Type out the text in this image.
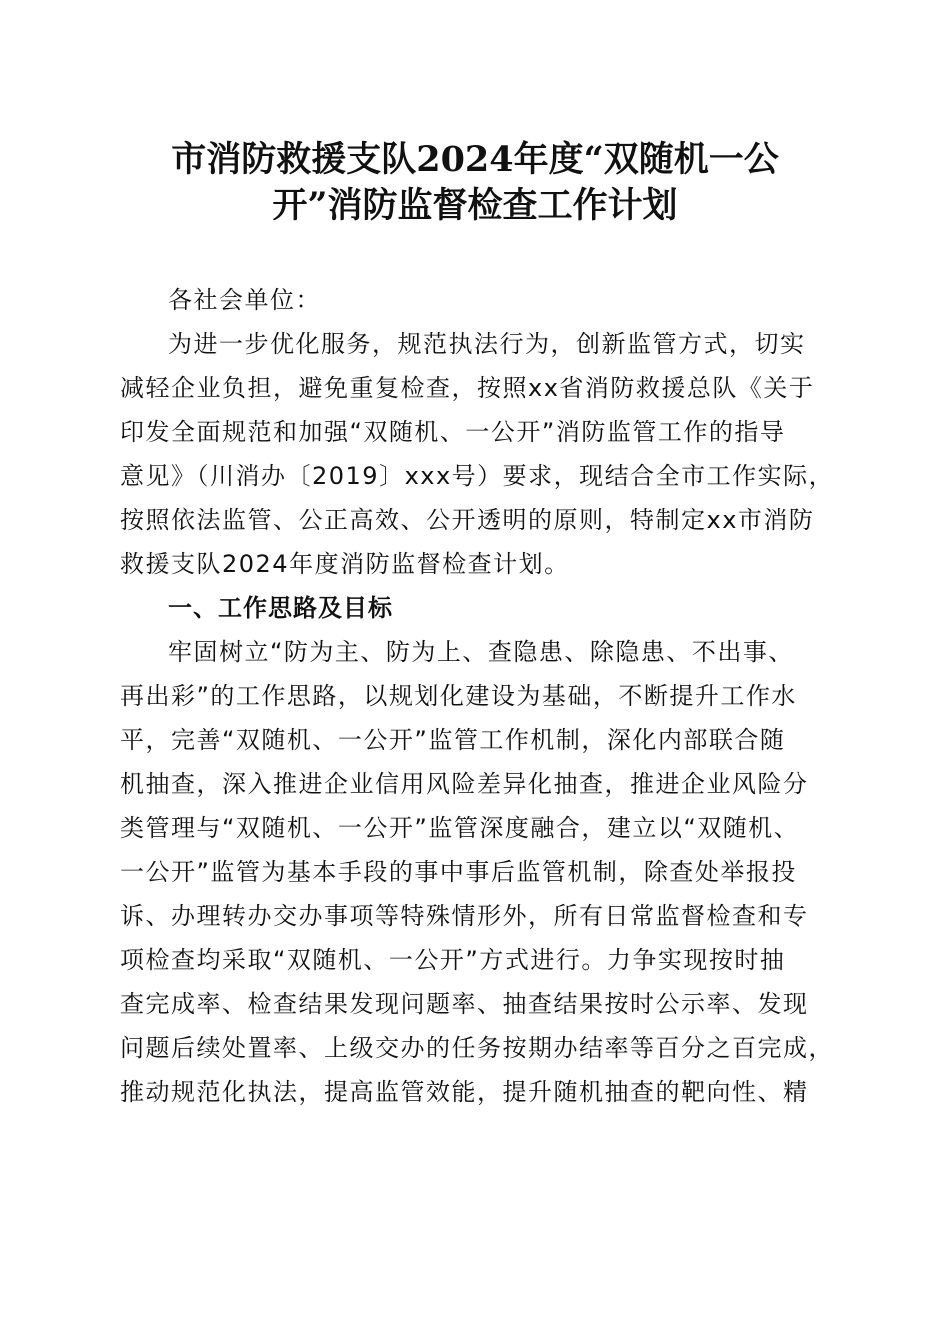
市消防救援支队2024年度“双随机一公
开”消防监督检查工作计划
各社会单位：
为进一步优化服务，规范执法行为，创新监管方式，切实
减轻企业负担，避免重复检查，按照xx省消防救援总队《关于
印发全面规范和加强“双随机、一公开”消防监管工作的指导
意见》（川消办〔2019〕xxx号）要求，现结合全市工作实际，
按照依法监管、公正高效、公开透明的原则，特制定xx市消防
救援支队2024年度消防监督检查计划。
一、工作思路及目标
牢固树立“防为主、防为上、查隐患、除隐患、不出事、
再出彩”的工作思路，以规划化建设为基础，不断提升工作水
平，完善“双随机、一公开”监管工作机制，深化内部联合随
机抽查，深入推进企业信用风险差异化抽查，推进企业风险分
类管理与“双随机、一公开”监管深度融合，建立以“双随机、
一公开”监管为基本手段的事中事后监管机制，除查处举报投
诉、办理转办交办事项等特殊情形外，所有日常监督检查和专
项检查均采取“双随机、一公开”方式进行。力争实现按时抽
查完成率、检查结果发现问题率、抽查结果按时公示率、发现
问题后续处置率、上级交办的任务按期办结率等百分之百完成，
推动规范化执法，提高监管效能，提升随机抽查的靶向性、精
